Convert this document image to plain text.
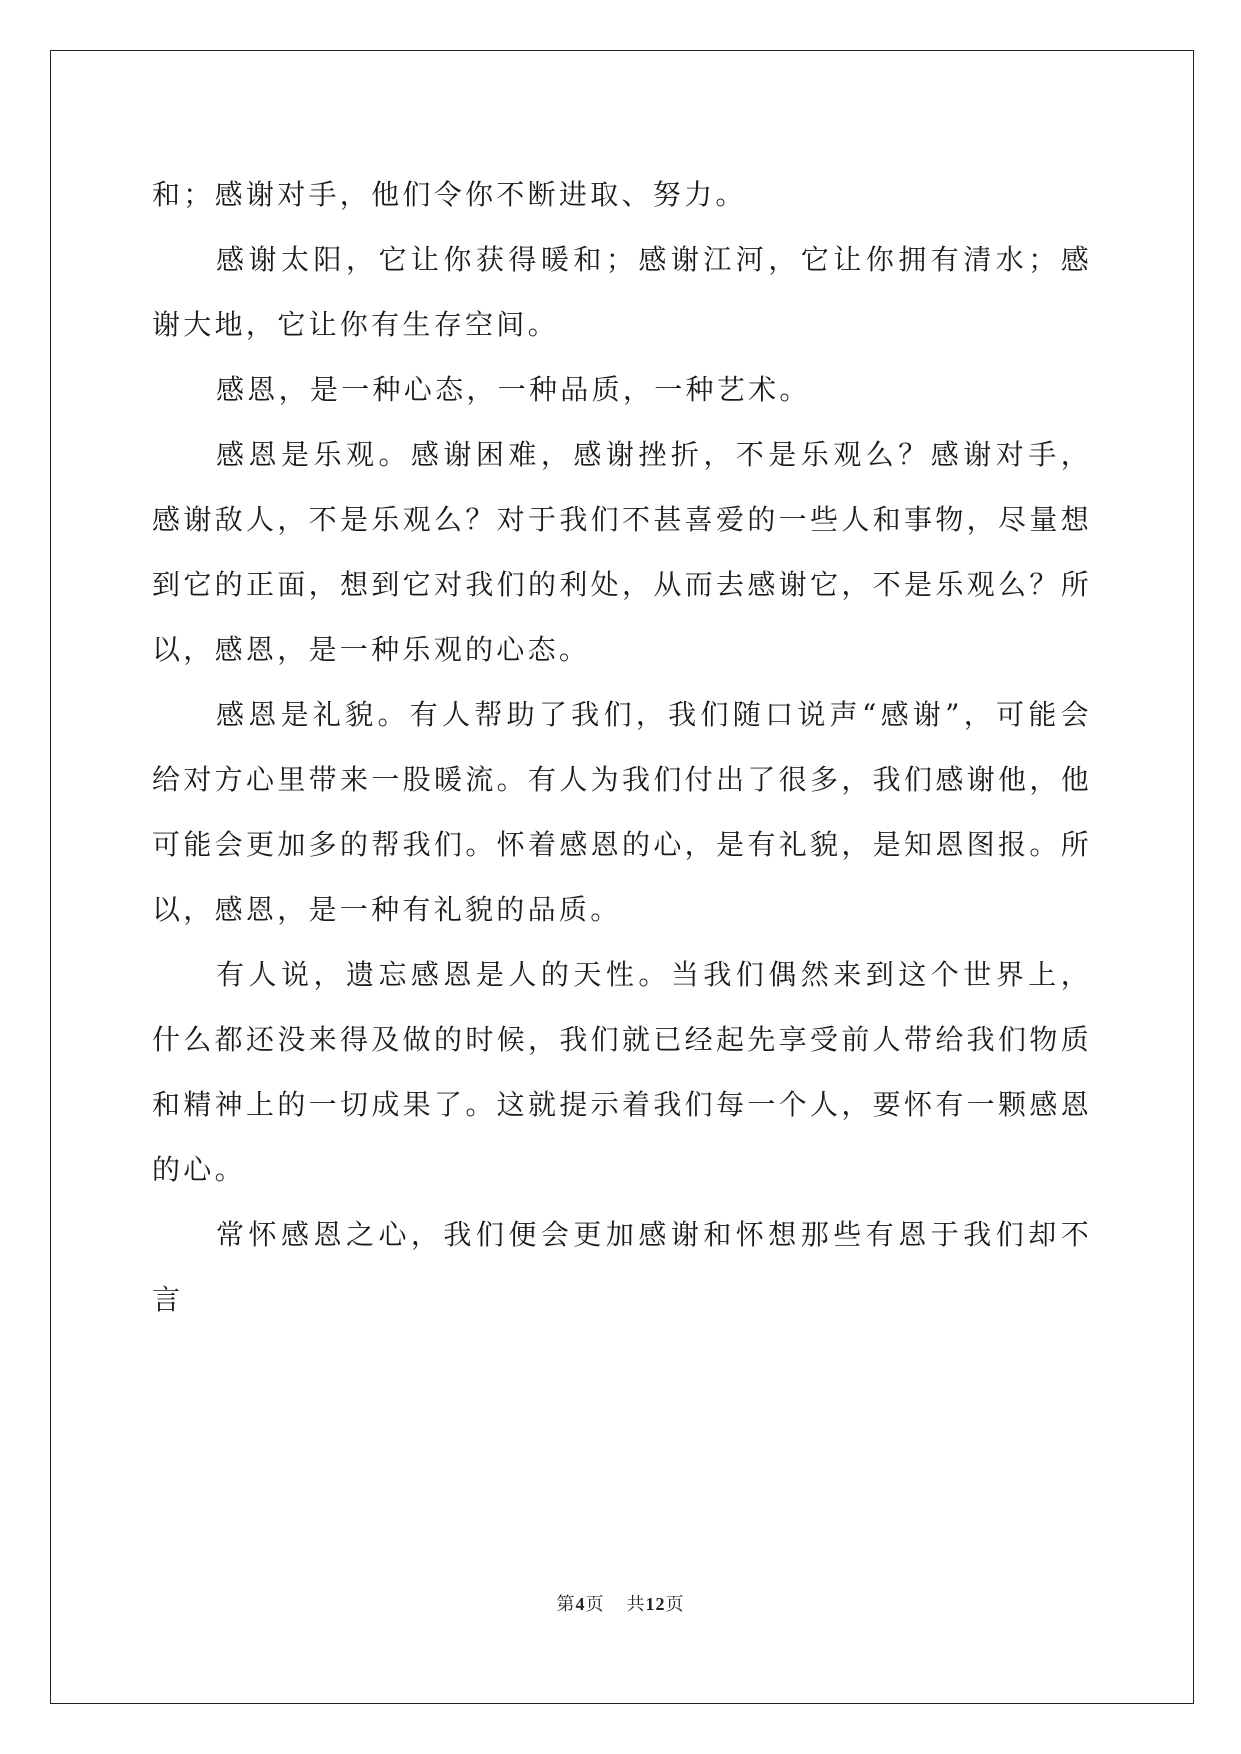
和；感谢对手，他们令你不断进取、努力。

感谢太阳，它让你获得暖和；感谢江河，它让你拥有清水；感谢大地，它让你有生存空间。

感恩，是一种心态，一种品质，一种艺术。

感恩是乐观。感谢困难，感谢挫折，不是乐观么？感谢对手，感谢敌人，不是乐观么？对于我们不甚喜爱的一些人和事物，尽量想到它的正面，想到它对我们的利处，从而去感谢它，不是乐观么？所以，感恩，是一种乐观的心态。

感恩是礼貌。有人帮助了我们，我们随口说声“感谢”，可能会给对方心里带来一股暖流。有人为我们付出了很多，我们感谢他，他可能会更加多的帮我们。怀着感恩的心，是有礼貌，是知恩图报。所以，感恩，是一种有礼貌的品质。

有人说，遗忘感恩是人的天性。当我们偶然来到这个世界上，什么都还没来得及做的时候，我们就已经起先享受前人带给我们物质和精神上的一切成果了。这就提示着我们每一个人，要怀有一颗感恩的心。

常怀感恩之心，我们便会更加感谢和怀想那些有恩于我们却不言

第4页 共12页
